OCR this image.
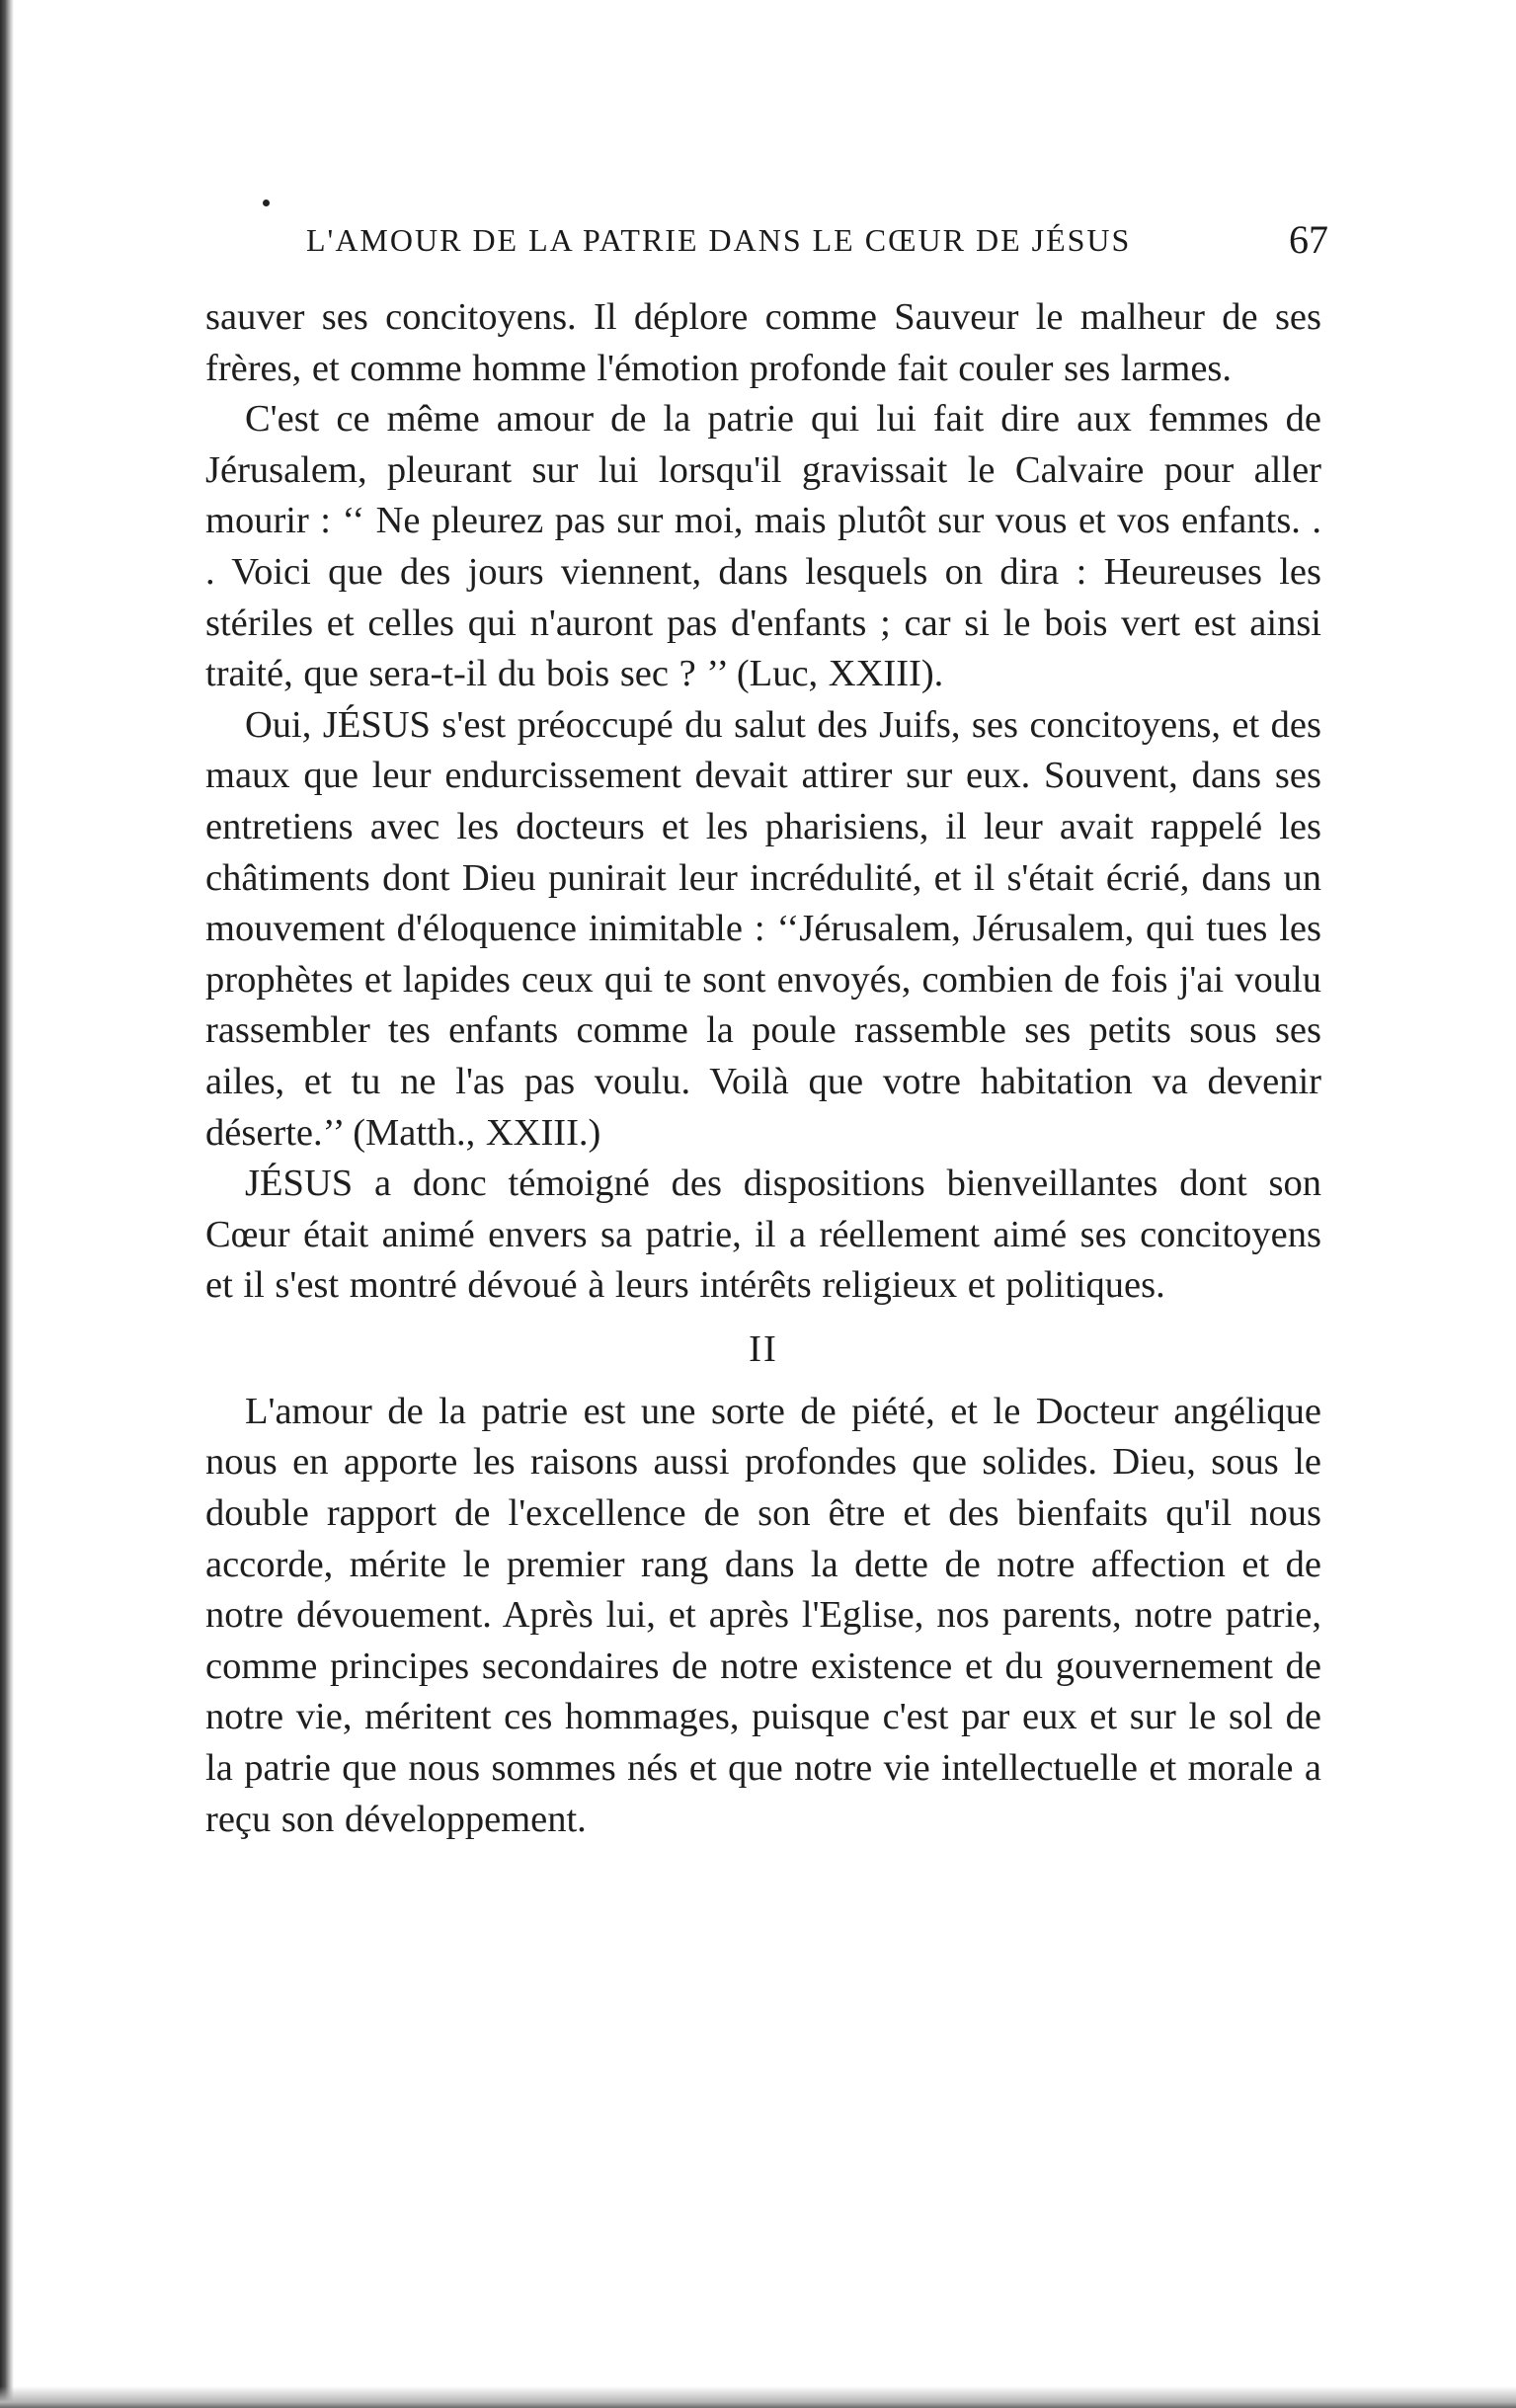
L'AMOUR DE LA PATRIE DANS LE CŒUR DE JÉSUS	67

sauver ses concitoyens. Il déplore comme Sauveur le malheur de ses frères, et comme homme l'émotion profonde fait couler ses larmes.

C'est ce même amour de la patrie qui lui fait dire aux femmes de Jérusalem, pleurant sur lui lorsqu'il gravissait le Calvaire pour aller mourir : ‘‘ Ne pleurez pas sur moi, mais plutôt sur vous et vos enfants. . . Voici que des jours viennent, dans lesquels on dira : Heureuses les stériles et celles qui n'auront pas d'enfants ; car si le bois vert est ainsi traité, que sera-t-il du bois sec ? ’’ (Luc, XXIII).

Oui, JÉSUS s'est préoccupé du salut des Juifs, ses concitoyens, et des maux que leur endurcissement devait attirer sur eux. Souvent, dans ses entretiens avec les docteurs et les pharisiens, il leur avait rappelé les châtiments dont Dieu punirait leur incrédulité, et il s'était écrié, dans un mouvement d'éloquence inimitable : ‘‘Jérusalem, Jérusalem, qui tues les prophètes et lapides ceux qui te sont envoyés, combien de fois j'ai voulu rassembler tes enfants comme la poule rassemble ses petits sous ses ailes, et tu ne l'as pas voulu. Voilà que votre habitation va devenir déserte.’’ (Matth., XXIII.)

JÉSUS a donc témoigné des dispositions bienveillantes dont son Cœur était animé envers sa patrie, il a réellement aimé ses concitoyens et il s'est montré dévoué à leurs intérêts religieux et politiques.

II

L'amour de la patrie est une sorte de piété, et le Docteur angélique nous en apporte les raisons aussi profondes que solides. Dieu, sous le double rapport de l'excellence de son être et des bienfaits qu'il nous accorde, mérite le premier rang dans la dette de notre affection et de notre dévouement. Après lui, et après l'Eglise, nos parents, notre patrie, comme principes secondaires de notre existence et du gouvernement de notre vie, méritent ces hommages, puisque c'est par eux et sur le sol de la patrie que nous sommes nés et que notre vie intellectuelle et morale a reçu son développement.
